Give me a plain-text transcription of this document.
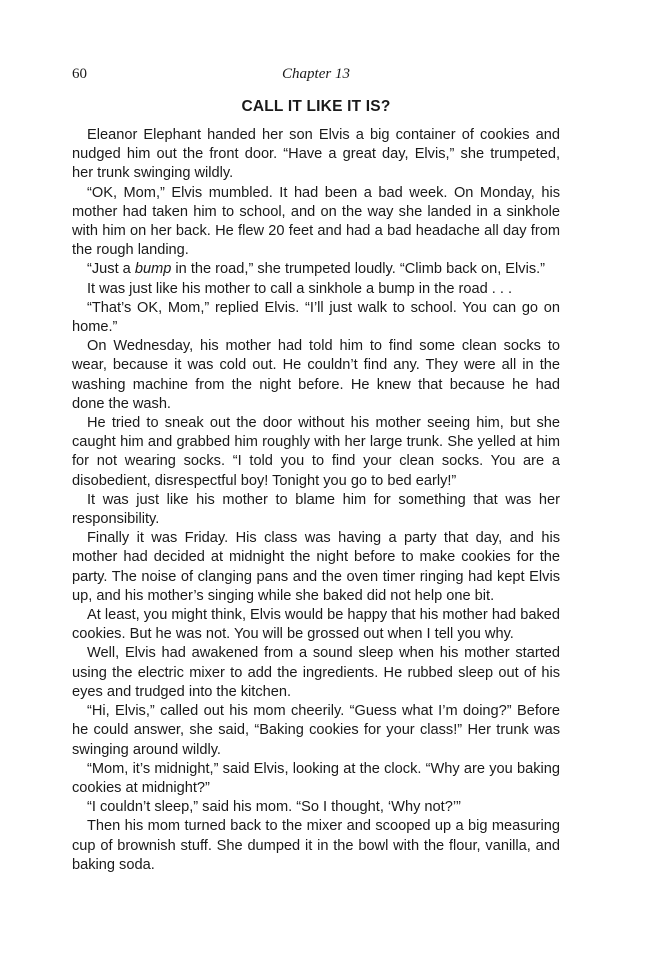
60	Chapter 13
CALL IT LIKE IT IS?

Eleanor Elephant handed her son Elvis a big container of cookies and nudged him out the front door. “Have a great day, Elvis,” she trumpeted, her trunk swinging wildly.

“OK, Mom,” Elvis mumbled. It had been a bad week. On Monday, his mother had taken him to school, and on the way she landed in a sinkhole with him on her back. He flew 20 feet and had a bad headache all day from the rough landing.

“Just a bump in the road,” she trumpeted loudly. “Climb back on, Elvis.”

It was just like his mother to call a sinkhole a bump in the road . . .

“That’s OK, Mom,” replied Elvis. “I’ll just walk to school. You can go on home.”

On Wednesday, his mother had told him to find some clean socks to wear, because it was cold out. He couldn’t find any. They were all in the washing machine from the night before. He knew that because he had done the wash.

He tried to sneak out the door without his mother seeing him, but she caught him and grabbed him roughly with her large trunk. She yelled at him for not wearing socks. “I told you to find your clean socks. You are a disobedient, disrespectful boy! Tonight you go to bed early!”

It was just like his mother to blame him for something that was her responsibility.

Finally it was Friday. His class was having a party that day, and his mother had decided at midnight the night before to make cookies for the party. The noise of clanging pans and the oven timer ringing had kept Elvis up, and his mother’s singing while she baked did not help one bit.

At least, you might think, Elvis would be happy that his mother had baked cookies. But he was not. You will be grossed out when I tell you why.

Well, Elvis had awakened from a sound sleep when his mother started using the electric mixer to add the ingredients. He rubbed sleep out of his eyes and trudged into the kitchen.

“Hi, Elvis,” called out his mom cheerily. “Guess what I’m doing?” Before he could answer, she said, “Baking cookies for your class!” Her trunk was swinging around wildly.

“Mom, it’s midnight,” said Elvis, looking at the clock. “Why are you baking cookies at midnight?”

“I couldn’t sleep,” said his mom. “So I thought, ‘Why not?’”

Then his mom turned back to the mixer and scooped up a big measuring cup of brownish stuff. She dumped it in the bowl with the flour, vanilla, and baking soda.
